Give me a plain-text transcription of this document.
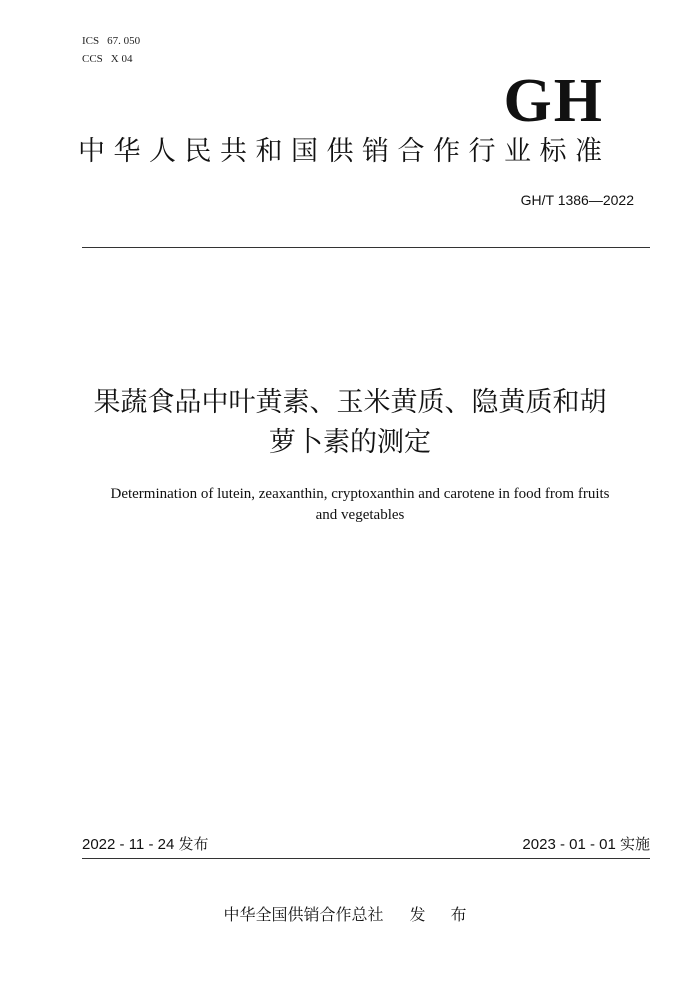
ICS 67. 050
CCS X 04
GH
中华人民共和国供销合作行业标准
GH/T 1386—2022
果蔬食品中叶黄素、玉米黄质、隐黄质和胡
萝卜素的测定
Determination of lutein, zeaxanthin, cryptoxanthin and carotene in food from fruits
and vegetables
2022 - 11 - 24 发布	2023 - 01 - 01 实施
中华全国供销合作总社 发 布
